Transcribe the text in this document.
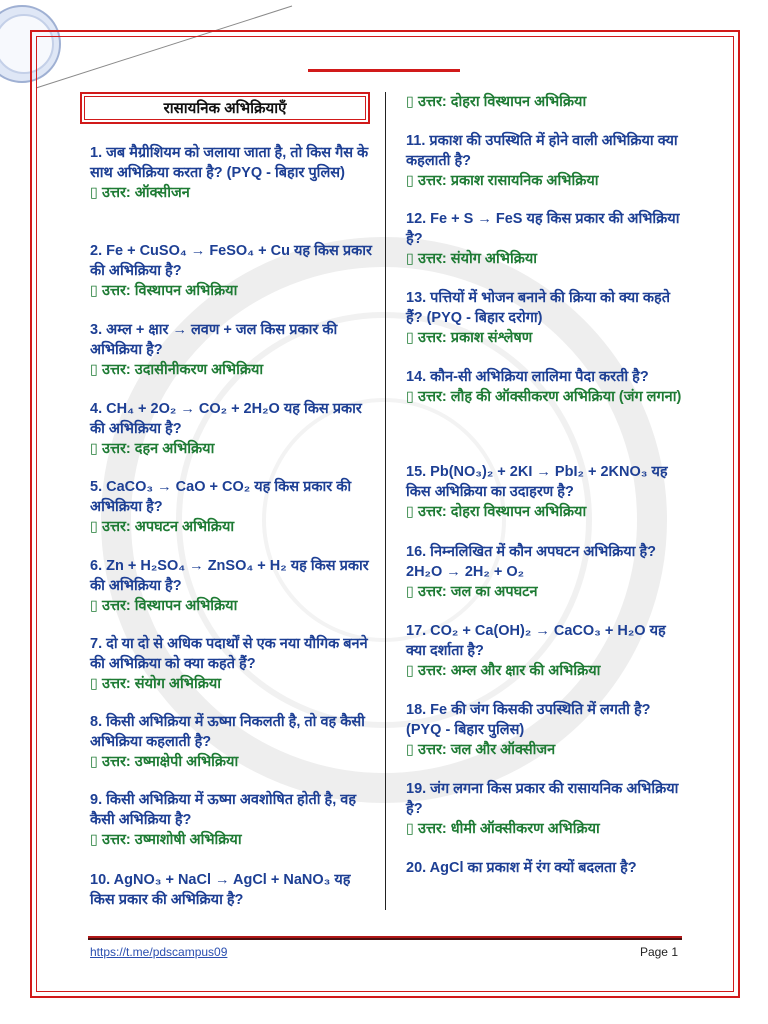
रासायनिक अभिक्रियाएँ

1. जब मैग्रीशियम को जलाया जाता है, तो किस गैस के साथ अभिक्रिया करता है? (PYQ - बिहार पुलिस)

▯ उत्तर: ऑक्सीजन

2. Fe + CuSO₄ → FeSO₄ + Cu यह किस प्रकार की अभिक्रिया है?

▯ उत्तर: विस्थापन अभिक्रिया

3. अम्ल + क्षार → लवण + जल किस प्रकार की अभिक्रिया है?

▯ उत्तर: उदासीनीकरण अभिक्रिया

4. CH₄ + 2O₂ → CO₂ + 2H₂O यह किस प्रकार की अभिक्रिया है?

▯ उत्तर: दहन अभिक्रिया

5. CaCO₃ → CaO + CO₂ यह किस प्रकार की अभिक्रिया है?

▯ उत्तर: अपघटन अभिक्रिया

6. Zn + H₂SO₄ → ZnSO₄ + H₂ यह किस प्रकार की अभिक्रिया है?

▯ उत्तर: विस्थापन अभिक्रिया

7. दो या दो से अधिक पदार्थों से एक नया यौगिक बनने की अभिक्रिया को क्या कहते हैं?

▯ उत्तर: संयोग अभिक्रिया

8. किसी अभिक्रिया में ऊष्मा निकलती है, तो वह कैसी अभिक्रिया कहलाती है?

▯ उत्तर: उष्माक्षेपी अभिक्रिया

9. किसी अभिक्रिया में ऊष्मा अवशोषित होती है, वह कैसी अभिक्रिया है?

▯ उत्तर: उष्माशोषी अभिक्रिया

10. AgNO₃ + NaCl → AgCl + NaNO₃ यह किस प्रकार की अभिक्रिया है?

▯ उत्तर: दोहरा विस्थापन अभिक्रिया

11. प्रकाश की उपस्थिति में होने वाली अभिक्रिया क्या कहलाती है?

▯ उत्तर: प्रकाश रासायनिक अभिक्रिया

12. Fe + S → FeS यह किस प्रकार की अभिक्रिया है?

▯ उत्तर: संयोग अभिक्रिया

13. पत्तियों में भोजन बनाने की क्रिया को क्या कहते हैं? (PYQ - बिहार दरोगा)

▯ उत्तर: प्रकाश संश्लेषण

14. कौन-सी अभिक्रिया लालिमा पैदा करती है?

▯ उत्तर: लौह की ऑक्सीकरण अभिक्रिया (जंग लगना)

15. Pb(NO₃)₂ + 2KI → PbI₂ + 2KNO₃ यह किस अभिक्रिया का उदाहरण है?

▯ उत्तर: दोहरा विस्थापन अभिक्रिया

16. निम्नलिखित में कौन अपघटन अभिक्रिया है? 2H₂O → 2H₂ + O₂

▯ उत्तर: जल का अपघटन

17. CO₂ + Ca(OH)₂ → CaCO₃ + H₂O यह क्या दर्शाता है?

▯ उत्तर: अम्ल और क्षार की अभिक्रिया

18. Fe की जंग किसकी उपस्थिति में लगती है? (PYQ - बिहार पुलिस)

▯ उत्तर: जल और ऑक्सीजन

19. जंग लगना किस प्रकार की रासायनिक अभिक्रिया है?

▯ उत्तर: धीमी ऑक्सीकरण अभिक्रिया

20. AgCl का प्रकाश में रंग क्यों बदलता है?

https://t.me/pdscampus09	Page 1
